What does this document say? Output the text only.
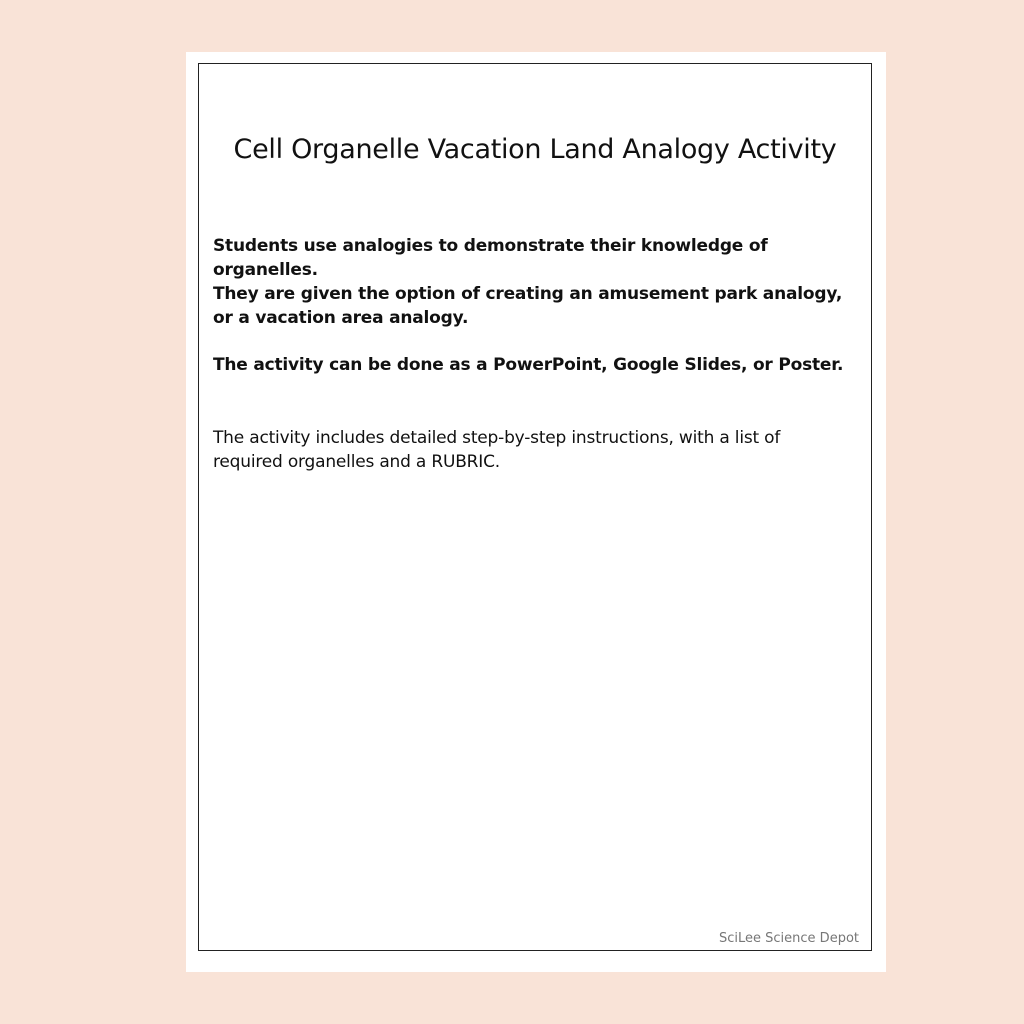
Cell Organelle Vacation Land Analogy Activity
Students use analogies to demonstrate their knowledge of organelles.
They are given the option of creating an amusement park analogy, or a vacation area analogy.
The activity can be done as a PowerPoint, Google Slides, or Poster.
The activity includes detailed step-by-step instructions, with a list of required organelles and a RUBRIC.
SciLee Science Depot
